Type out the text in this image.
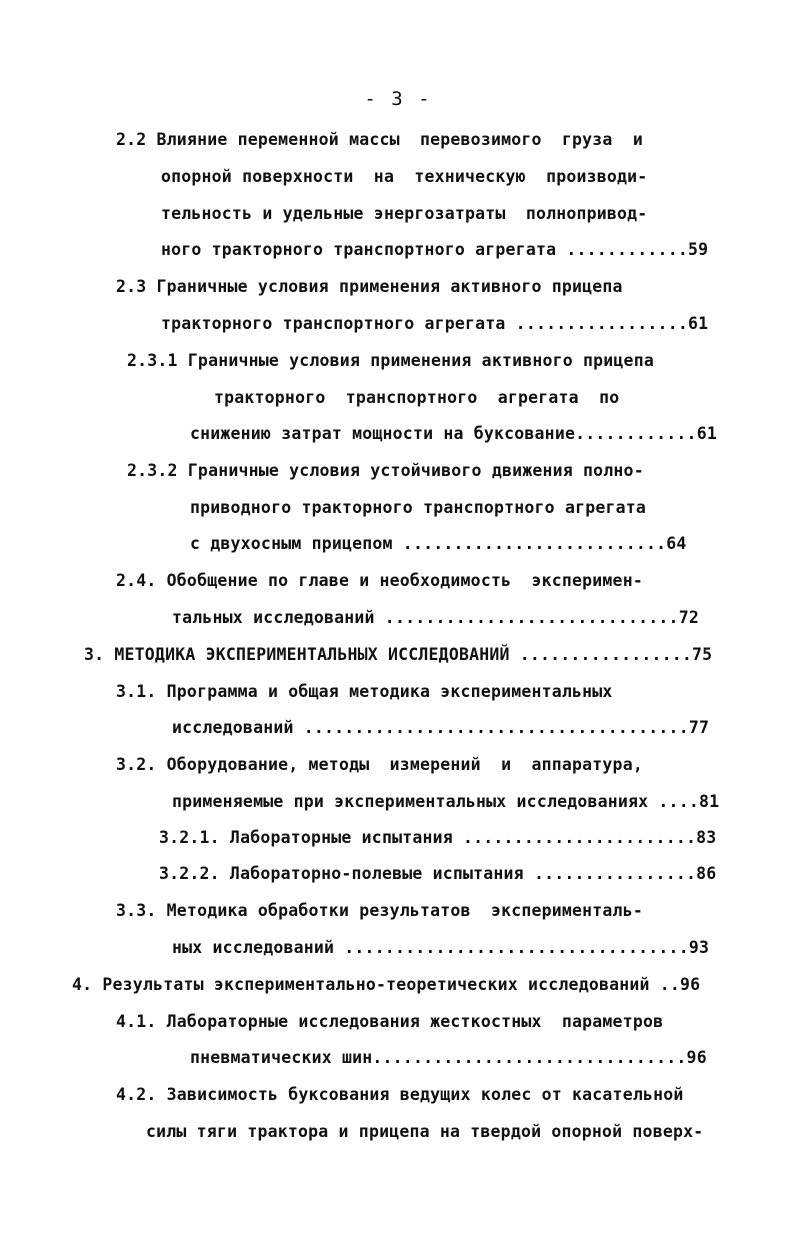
- 3 -
2.2 Влияние переменной массы  перевозимого  груза  и
опорной поверхности  на  техническую  производи-
тельность и удельные энергозатраты  полнопривод-
ного тракторного транспортного агрегата ............59
2.3 Граничные условия применения активного прицепа
тракторного транспортного агрегата .................61
2.3.1 Граничные условия применения активного прицепа
тракторного  транспортного  агрегата  по
снижению затрат мощности на буксование............61
2.3.2 Граничные условия устойчивого движения полно-
приводного тракторного транспортного агрегата
с двухосным прицепом ..........................64
2.4. Обобщение по главе и необходимость  эксперимен-
тальных исследований .............................72
3. МЕТОДИКА ЭКСПЕРИМЕНТАЛЬНЫХ ИССЛЕДОВАНИЙ .................75
3.1. Программа и общая методика экспериментальных
исследований ......................................77
3.2. Оборудование, методы  измерений  и  аппаратура,
применяемые при экспериментальных исследованиях ....81
3.2.1. Лабораторные испытания .......................83
3.2.2. Лабораторно-полевые испытания ................86
3.3. Методика обработки результатов  эксперименталь-
ных исследований ..................................93
4. Результаты экспериментально-теоретических исследований ..96
4.1. Лабораторные исследования жесткостных  параметров
пневматических шин...............................96
4.2. Зависимость буксования ведущих колес от касательной
силы тяги трактора и прицепа на твердой опорной поверх-
